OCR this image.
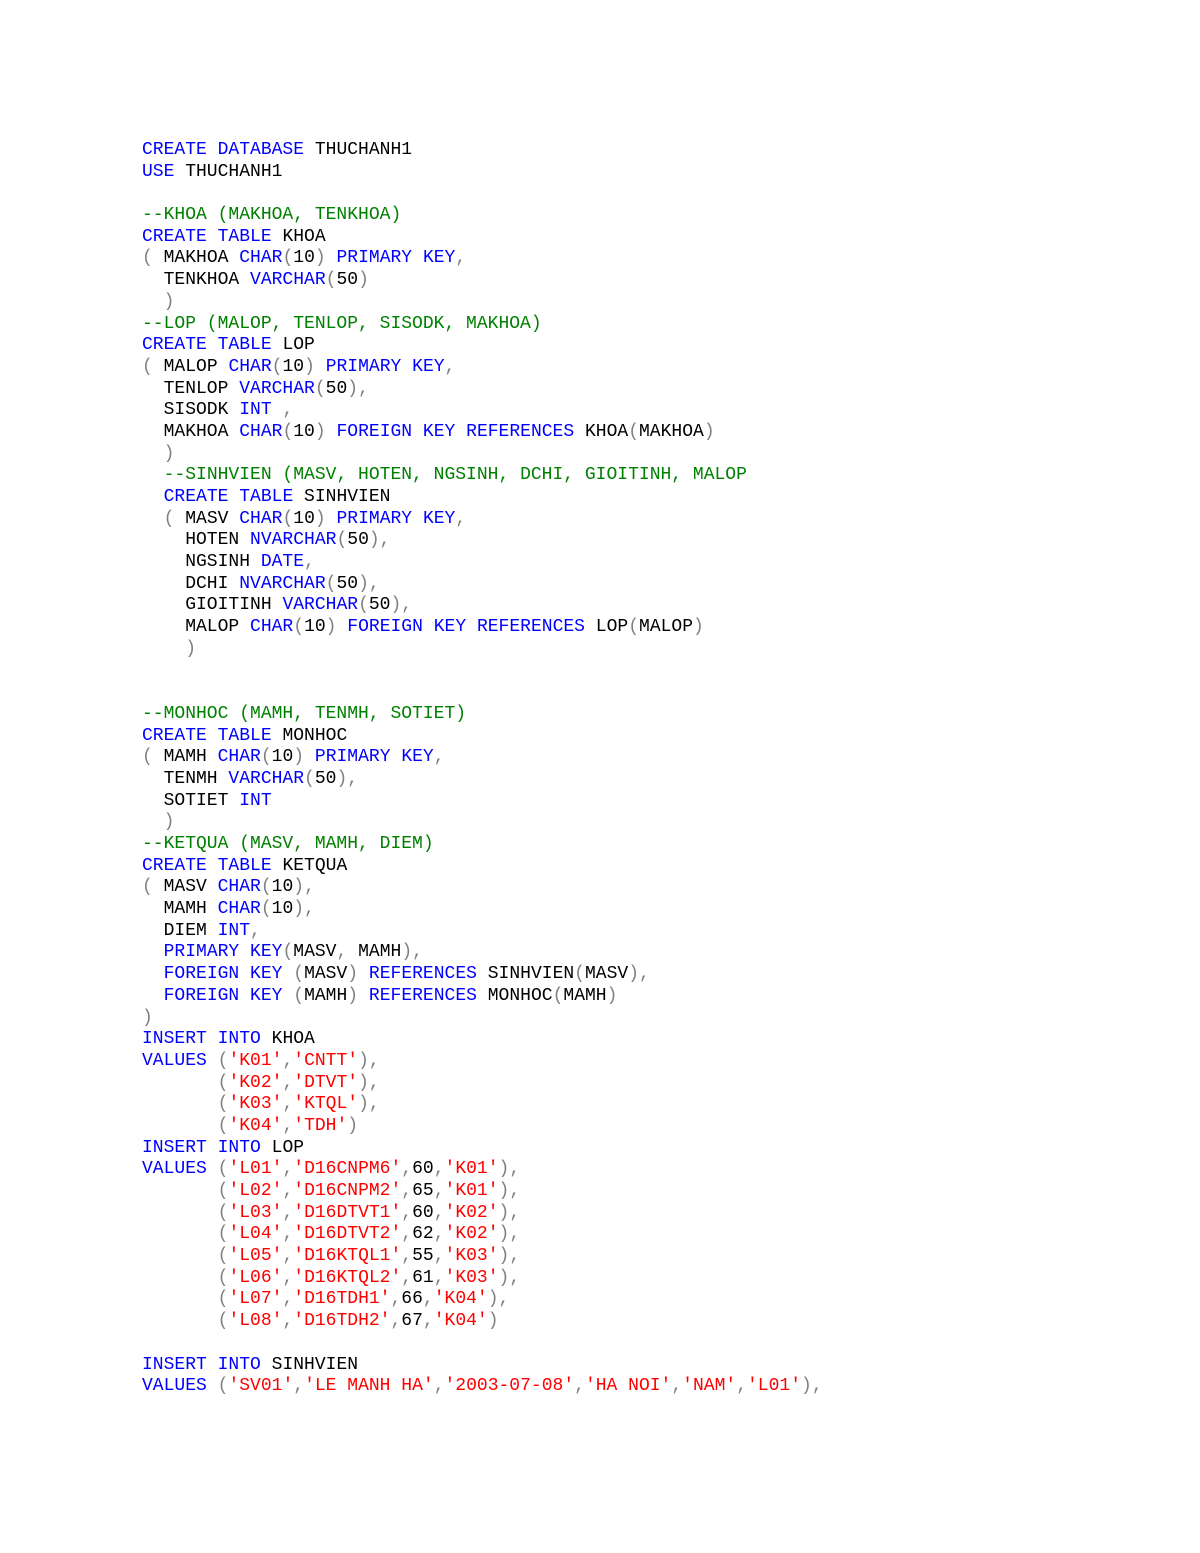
CREATE DATABASE THUCHANH1
USE THUCHANH1
--KHOA (MAKHOA, TENKHOA)
CREATE TABLE KHOA
( MAKHOA CHAR(10) PRIMARY KEY,
TENKHOA VARCHAR(50)
)
--LOP (MALOP, TENLOP, SISODK, MAKHOA)
CREATE TABLE LOP
( MALOP CHAR(10) PRIMARY KEY,
TENLOP VARCHAR(50),
SISODK INT ,
MAKHOA CHAR(10) FOREIGN KEY REFERENCES KHOA(MAKHOA)
)
--SINHVIEN (MASV, HOTEN, NGSINH, DCHI, GIOITINH, MALOP
CREATE TABLE SINHVIEN
( MASV CHAR(10) PRIMARY KEY,
HOTEN NVARCHAR(50),
NGSINH DATE,
DCHI NVARCHAR(50),
GIOITINH VARCHAR(50),
MALOP CHAR(10) FOREIGN KEY REFERENCES LOP(MALOP)
)
--MONHOC (MAMH, TENMH, SOTIET)
CREATE TABLE MONHOC
( MAMH CHAR(10) PRIMARY KEY,
TENMH VARCHAR(50),
SOTIET INT
)
--KETQUA (MASV, MAMH, DIEM)
CREATE TABLE KETQUA
( MASV CHAR(10),
MAMH CHAR(10),
DIEM INT,
PRIMARY KEY(MASV, MAMH),
FOREIGN KEY (MASV) REFERENCES SINHVIEN(MASV),
FOREIGN KEY (MAMH) REFERENCES MONHOC(MAMH)
)
INSERT INTO KHOA
VALUES ('K01','CNTT'),
('K02','DTVT'),
('K03','KTQL'),
('K04','TDH')
INSERT INTO LOP
VALUES ('L01','D16CNPM6',60,'K01'),
('L02','D16CNPM2',65,'K01'),
('L03','D16DTVT1',60,'K02'),
('L04','D16DTVT2',62,'K02'),
('L05','D16KTQL1',55,'K03'),
('L06','D16KTQL2',61,'K03'),
('L07','D16TDH1',66,'K04'),
('L08','D16TDH2',67,'K04')
INSERT INTO SINHVIEN
VALUES ('SV01','LE MANH HA','2003-07-08','HA NOI','NAM','L01'),
